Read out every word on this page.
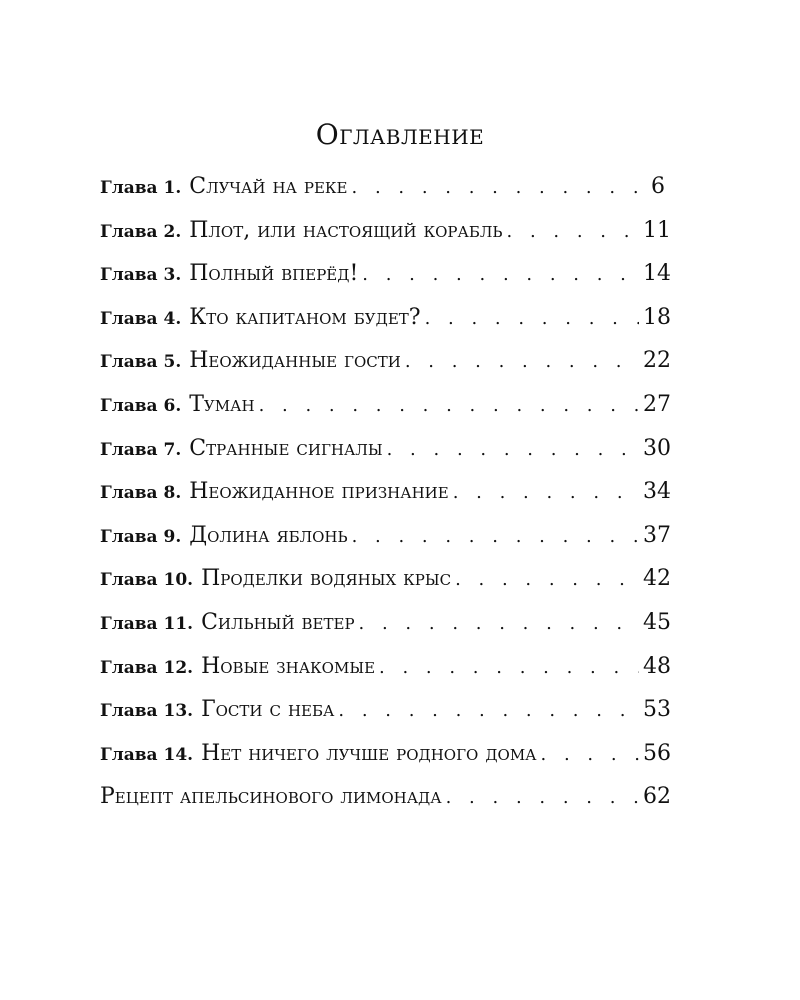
Оглавление
Глава 1. Случай на реке . . .	6
Глава 2. Плот, или настоящий корабль . . .	11
Глава 3. Полный вперёд! . . .	14
Глава 4. Кто капитаном будет? . . .	18
Глава 5. Неожиданные гости . . .	22
Глава 6. Туман . . .	27
Глава 7. Странные сигналы . . .	30
Глава 8. Неожиданное признание . . .	34
Глава 9. Долина яблонь . . .	37
Глава 10. Проделки водяных крыс . . .	42
Глава 11. Сильный ветер . . .	45
Глава 12. Новые знакомые . . .	48
Глава 13. Гости с неба . . .	53
Глава 14. Нет ничего лучше родного дома . . .	56
Рецепт апельсинового лимонада . . .	62
